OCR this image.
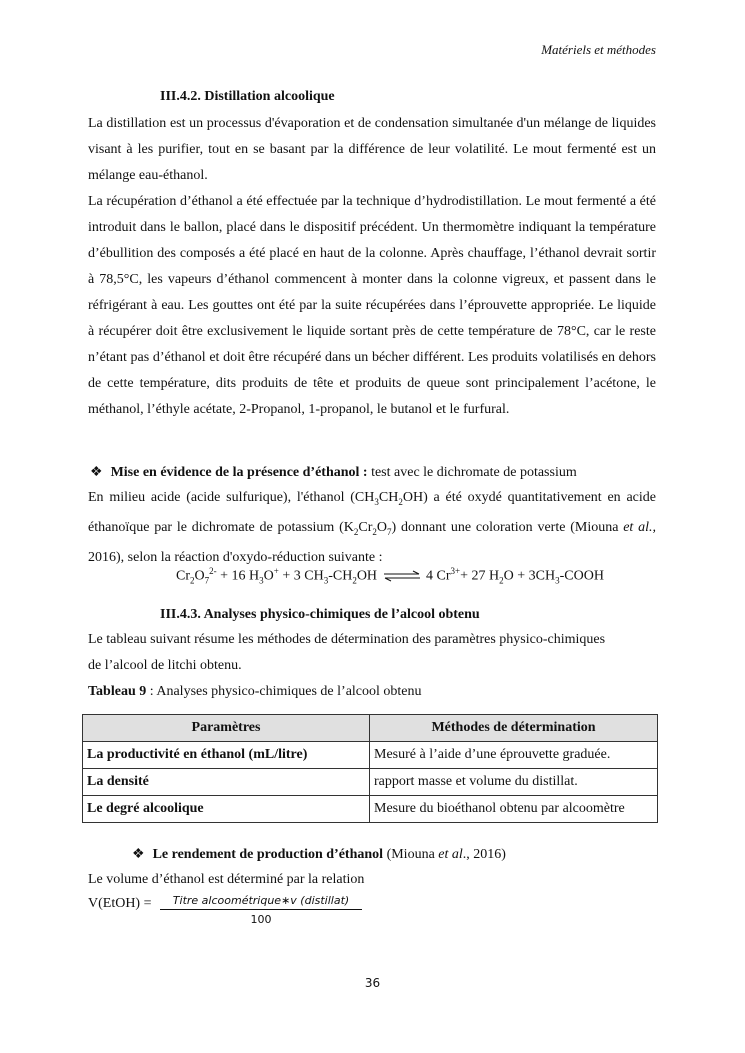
Matériels et méthodes
III.4.2. Distillation alcoolique

La distillation est un processus d'évaporation et de condensation simultanée d'un mélange de liquides visant à les purifier, tout en se basant par la différence de leur volatilité. Le mout fermenté est un mélange eau-éthanol.

La récupération d’éthanol a été effectuée par la technique d’hydrodistillation. Le mout fermenté a été introduit dans le ballon, placé dans le dispositif précédent. Un thermomètre indiquant la température d’ébullition des composés a été placé en haut de la colonne. Après chauffage, l’éthanol devrait sortir à 78,5°C, les vapeurs d’éthanol commencent à monter dans la colonne vigreux, et passent dans le réfrigérant à eau. Les gouttes ont été par la suite récupérées dans l’éprouvette appropriée. Le liquide à récupérer doit être exclusivement le liquide sortant près de cette température de 78°C, car le reste n’étant pas d’éthanol et doit être récupéré dans un bécher différent. Les produits volatilisés en dehors de cette température, dits produits de tête et produits de queue sont principalement l’acétone, le méthanol, l’éthyle acétate, 2-Propanol, 1-propanol, le butanol et le furfural.

❖ Mise en évidence de la présence d’éthanol : test avec le dichromate de potassium

En milieu acide (acide sulfurique), l'éthanol $(CH_3CH_2OH)$ a été oxydé quantitativement en acide éthanoïque par le dichromate de potassium $(K_2Cr_2O_7)$ donnant une coloration verte (Miouna et al., 2016), selon la réaction d'oxydo-réduction suivante :

$Cr_2O_7^{2-} + 16$ $H_3O^+ + 3$ $CH_3-CH_2OH$ ⇌ 4 $Cr^{3+}+ 27$ $H_2O$ + $3CH_3$-COOH
III.4.3. Analyses physico-chimiques de l’alcool obtenu
Le tableau suivant résume les méthodes de détermination des paramètres physico-chimiques
de l’alcool de litchi obtenu.
Tableau 9 : Analyses physico-chimiques de l’alcool obtenu
Paramètres	Méthodes de détermination
La productivité en éthanol (mL/litre)	Mesuré à l’aide d’une éprouvette graduée.
La densité	rapport masse et volume du distillat.
Le degré alcoolique	Mesure du bioéthanol obtenu par alcoomètre
❖ Le rendement de production d’éthanol (Miouna et al., 2016)
Le volume d’éthanol est déterminé par la relation
V(EtOH) =	Titre alcoométrique∗v (distillat)
100
36
